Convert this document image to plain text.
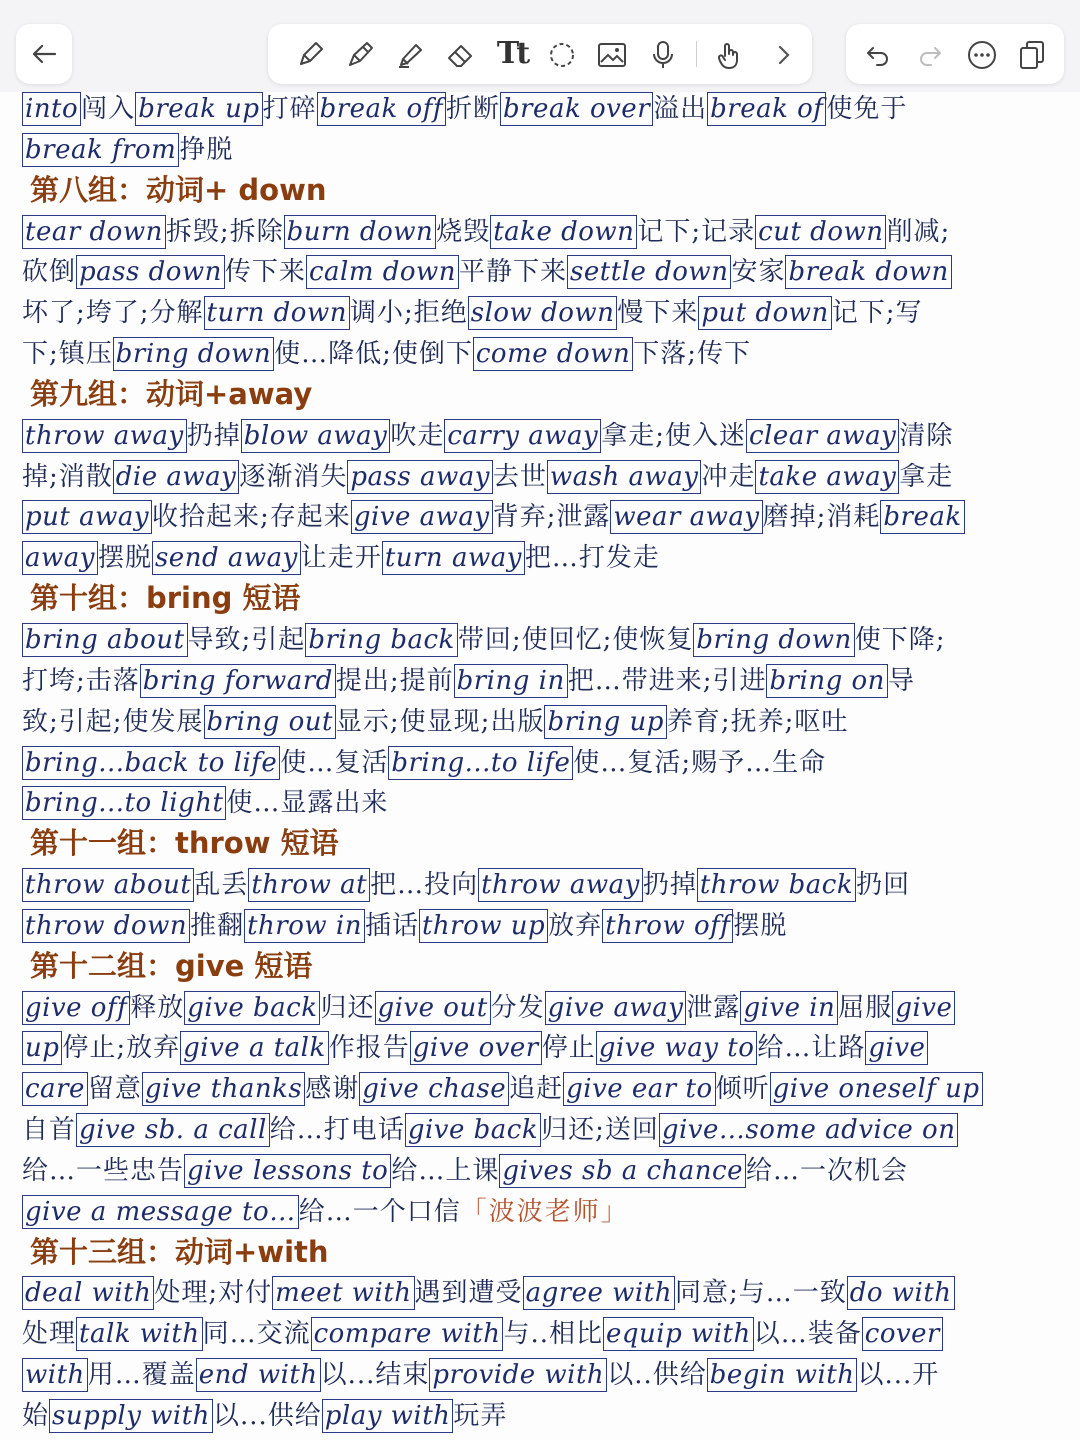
Tt
into 闯入 break up 打碎 break off 折断 break over 溢出 break of 使免于
break from 挣脱
第八组：动词+ down
tear down 拆毁;拆除 burn down 烧毁 take down 记下;记录 cut down 削减;
砍倒 pass down 传下来 calm down 平静下来 settle down 安家 break down
坏了;垮了;分解 turn down 调小;拒绝 slow down 慢下来 put down 记下;写
下;镇压 bring down 使…降低;使倒下 come down 下落;传下
第九组：动词+away
throw away 扔掉 blow away 吹走 carry away 拿走;使入迷 clear away 清除
掉;消散 die away 逐渐消失 pass away 去世 wash away 冲走 take away 拿走
put away 收拾起来;存起来 give away 背弃;泄露 wear away 磨掉;消耗 break
away 摆脱 send away 让走开 turn away 把…打发走
第十组：bring 短语
bring about 导致;引起 bring back 带回;使回忆;使恢复 bring down 使下降;
打垮;击落 bring forward 提出;提前 bring in 把…带进来;引进 bring on 导
致;引起;使发展 bring out 显示;使显现;出版 bring up 养育;抚养;呕吐
bring...back to life 使…复活 bring...to life 使…复活;赐予…生命
bring...to light 使…显露出来
第十一组：throw 短语
throw about 乱丢 throw at 把…投向 throw away 扔掉 throw back 扔回
throw down 推翻 throw in 插话 throw up 放弃 throw off 摆脱
第十二组：give 短语
give off 释放 give back 归还 give out 分发 give away 泄露 give in 屈服 give
up 停止;放弃 give a talk 作报告 give over 停止 give way to 给…让路 give
care 留意 give thanks 感谢 give chase 追赶 give ear to 倾听 give oneself up
自首 give sb. a call 给…打电话 give back 归还;送回 give…some advice on
给…一些忠告 give lessons to 给…上课 gives sb a chance 给…一次机会
give a message to… 给…一个口信「波波老师」
第十三组：动词+with
deal with 处理;对付 meet with 遇到遭受 agree with 同意;与…一致 do with
处理 talk with 同…交流 compare with 与..相比 equip with 以…装备 cover
with 用…覆盖 end with 以...结束 provide with 以..供给 begin with 以...开
始 supply with 以...供给 play with 玩弄
